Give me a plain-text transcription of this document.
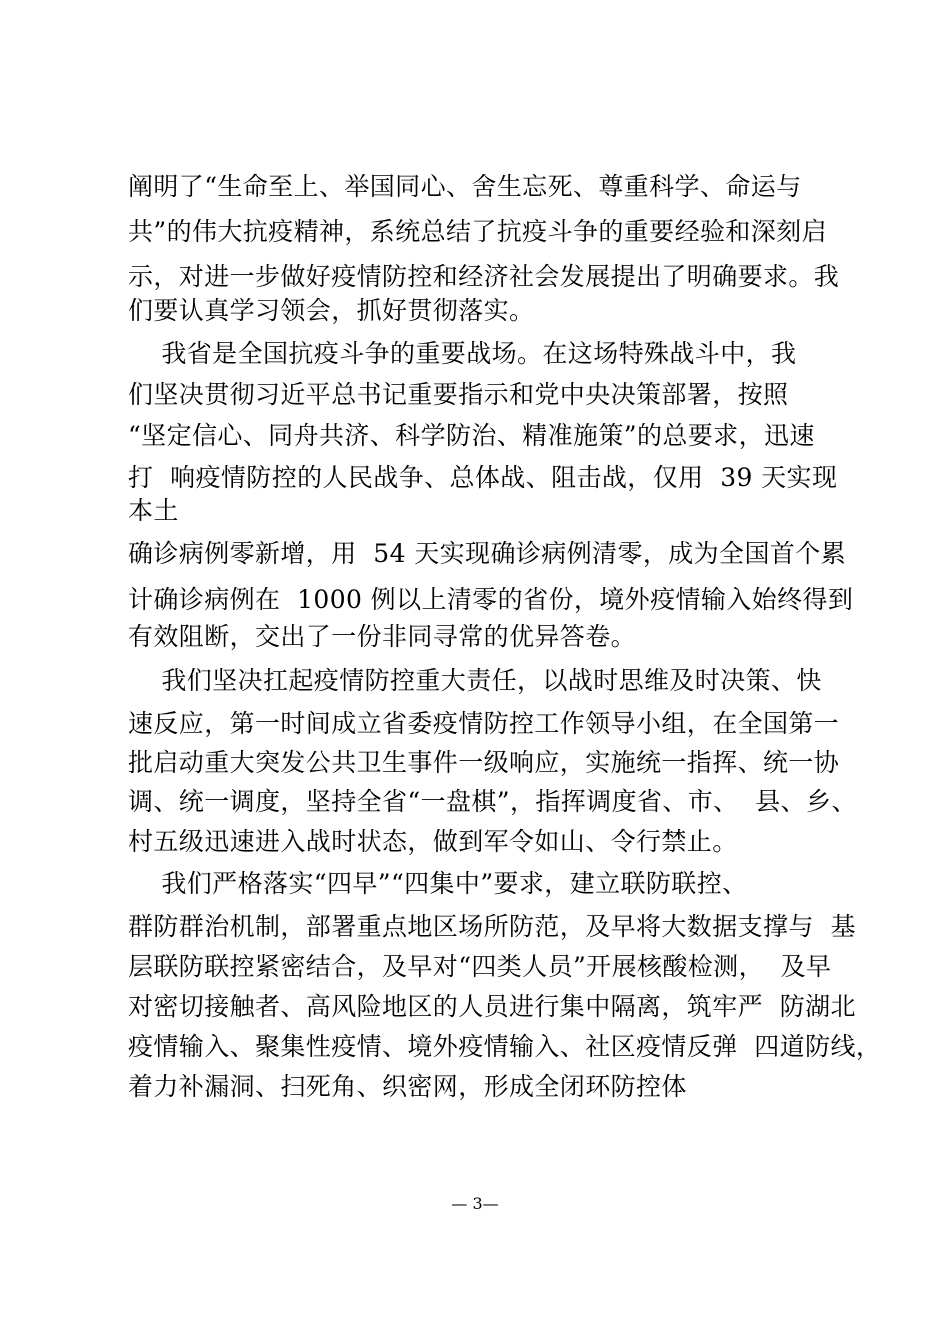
阐明了“生命至上、举国同心、舍生忘死、尊重科学、命运与
共”的伟大抗疫精神，系统总结了抗疫斗争的重要经验和深刻启
示，对进一步做好疫情防控和经济社会发展提出了明确要求。我
们要认真学习领会，抓好贯彻落实。
我省是全国抗疫斗争的重要战场。在这场特殊战斗中，我
们坚决贯彻习近平总书记重要指示和党中央决策部署，按照
“坚定信心、同舟共济、科学防治、精准施策”的总要求，迅速
打  响疫情防控的人民战争、总体战、阻击战，仅用  39 天实现
本土
确诊病例零新增，用  54 天实现确诊病例清零，成为全国首个累
计确诊病例在  1000 例以上清零的省份，境外疫情输入始终得到
有效阻断，交出了一份非同寻常的优异答卷。
我们坚决扛起疫情防控重大责任，以战时思维及时决策、快
速反应，第一时间成立省委疫情防控工作领导小组，在全国第一
批启动重大突发公共卫生事件一级响应，实施统一指挥、统一协
调、统一调度，坚持全省“一盘棋”，指挥调度省、市、  县、乡、
村五级迅速进入战时状态，做到军令如山、令行禁止。
我们严格落实“四早”“四集中”要求，建立联防联控、
群防群治机制，部署重点地区场所防范，及早将大数据支撑与  基
层联防联控紧密结合，及早对“四类人员”开展核酸检测，  及早
对密切接触者、高风险地区的人员进行集中隔离，筑牢严  防湖北
疫情输入、聚集性疫情、境外疫情输入、社区疫情反弹  四道防线，
着力补漏洞、扫死角、织密网，形成全闭环防控体
— 3—
